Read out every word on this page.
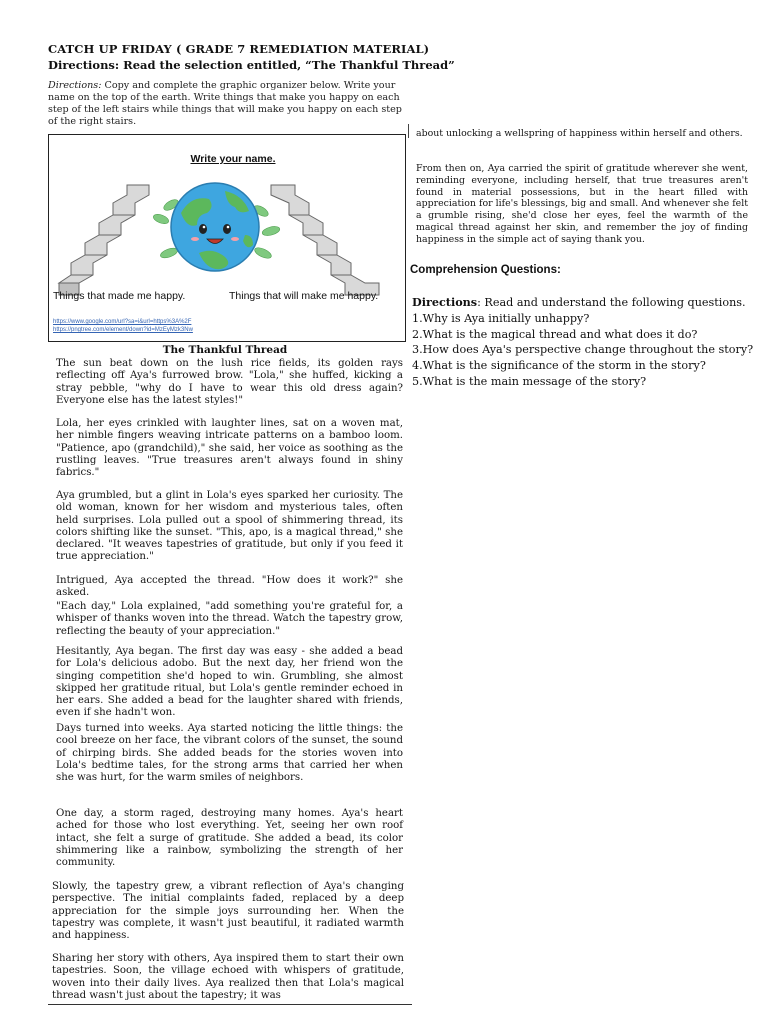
CATCH UP FRIDAY ( GRADE 7 REMEDIATION MATERIAL)
Directions: Read the selection entitled, “The Thankful Thread”
Directions: Copy and complete the graphic organizer below. Write your name on the top of the earth. Write things that make you happy on each step of the left stairs while things that will make you happy on each step of the right stairs.
Write your name.
Things that made me happy.	Things that will make me happy.
https://www.google.com/url?sa=i&url=https%3A%2F
https://pngtree.com/element/down?id=MzEyMzk3Nw
The Thankful Thread
The sun beat down on the lush rice fields, its golden rays reflecting off Aya's furrowed brow. "Lola," she huffed, kicking a stray pebble, "why do I have to wear this old dress again? Everyone else has the latest styles!"
Lola, her eyes crinkled with laughter lines, sat on a woven mat, her nimble fingers weaving intricate patterns on a bamboo loom. "Patience, apo (grandchild)," she said, her voice as soothing as the rustling leaves. "True treasures aren't always found in shiny fabrics."
Aya grumbled, but a glint in Lola's eyes sparked her curiosity. The old woman, known for her wisdom and mysterious tales, often held surprises. Lola pulled out a spool of shimmering thread, its colors shifting like the sunset. "This, apo, is a magical thread," she declared. "It weaves tapestries of gratitude, but only if you feed it true appreciation."
Intrigued, Aya accepted the thread. "How does it work?" she asked.
"Each day," Lola explained, "add something you're grateful for, a whisper of thanks woven into the thread. Watch the tapestry grow, reflecting the beauty of your appreciation."
Hesitantly, Aya began. The first day was easy - she added a bead for Lola's delicious adobo. But the next day, her friend won the singing competition she'd hoped to win. Grumbling, she almost skipped her gratitude ritual, but Lola's gentle reminder echoed in her ears. She added a bead for the laughter shared with friends, even if she hadn't won.
Days turned into weeks. Aya started noticing the little things: the cool breeze on her face, the vibrant colors of the sunset, the sound of chirping birds. She added beads for the stories woven into Lola's bedtime tales, for the strong arms that carried her when she was hurt, for the warm smiles of neighbors.
One day, a storm raged, destroying many homes. Aya's heart ached for those who lost everything. Yet, seeing her own roof intact, she felt a surge of gratitude. She added a bead, its color shimmering like a rainbow, symbolizing the strength of her community.
Slowly, the tapestry grew, a vibrant reflection of Aya's changing perspective. The initial complaints faded, replaced by a deep appreciation for the simple joys surrounding her. When the tapestry was complete, it wasn't just beautiful, it radiated warmth and happiness.
Sharing her story with others, Aya inspired them to start their own tapestries. Soon, the village echoed with whispers of gratitude, woven into their daily lives. Aya realized then that Lola's magical thread wasn't just about the tapestry; it was
about unlocking a wellspring of happiness within herself and others.
From then on, Aya carried the spirit of gratitude wherever she went, reminding everyone, including herself, that true treasures aren't found in material possessions, but in the heart filled with appreciation for life's blessings, big and small. And whenever she felt a grumble rising, she'd close her eyes, feel the warmth of the magical thread against her skin, and remember the joy of finding happiness in the simple act of saying thank you.
Comprehension Questions:
Directions: Read and understand the following questions.
1.Why is Aya initially unhappy?
2.What is the magical thread and what does it do?
3.How does Aya's perspective change throughout the story?
4.What is the significance of the storm in the story?
5.What is the main message of the story?
